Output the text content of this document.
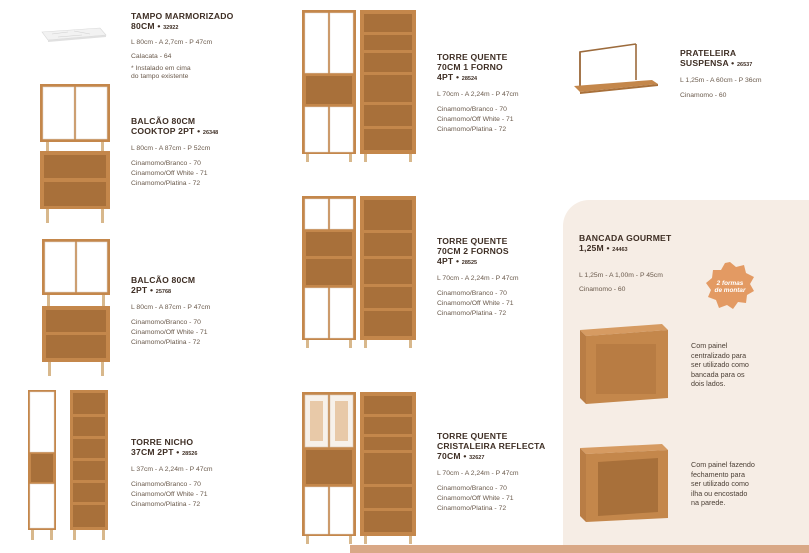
2 formas
de montar
TAMPO MARMORIZADO
80CM • 32922
L 80cm - A 2,7cm - P 47cm
Calacata - 64
* Instalado em cima
do tampo existente
BALCÃO 80CM
COOKTOP 2PT • 26348
L 80cm - A 87cm - P 52cm
Cinamomo/Branco - 70
Cinamomo/Off White - 71
Cinamomo/Platina - 72
BALCÃO 80CM
2PT • 25768
L 80cm - A 87cm - P 47cm
Cinamomo/Branco - 70
Cinamomo/Off White - 71
Cinamomo/Platina - 72
TORRE NICHO
37CM 2PT • 28526
L 37cm - A 2,24m - P 47cm
Cinamomo/Branco - 70
Cinamomo/Off White - 71
Cinamomo/Platina - 72
TORRE QUENTE
70CM 1 FORNO
4PT • 28524
L 70cm - A 2,24m - P 47cm
Cinamomo/Branco - 70
Cinamomo/Off White - 71
Cinamomo/Platina - 72
TORRE QUENTE
70CM 2 FORNOS
4PT • 28525
L 70cm - A 2,24m - P 47cm
Cinamomo/Branco - 70
Cinamomo/Off White - 71
Cinamomo/Platina - 72
TORRE QUENTE
CRISTALEIRA REFLECTA
70CM • 32627
L 70cm - A 2,24m - P 47cm
Cinamomo/Branco - 70
Cinamomo/Off White - 71
Cinamomo/Platina - 72
PRATELEIRA
SUSPENSA • 26537
L 1,25m - A 60cm - P 36cm
Cinamomo - 60
BANCADA GOURMET
1,25M • 24463
L 1,25m - A 1,00m - P 45cm
Cinamomo - 60
Com painel
centralizado para
ser utilizado como
bancada para os
dois lados.
Com painel fazendo
fechamento para
ser utilizado como
ilha ou encostado
na parede.
